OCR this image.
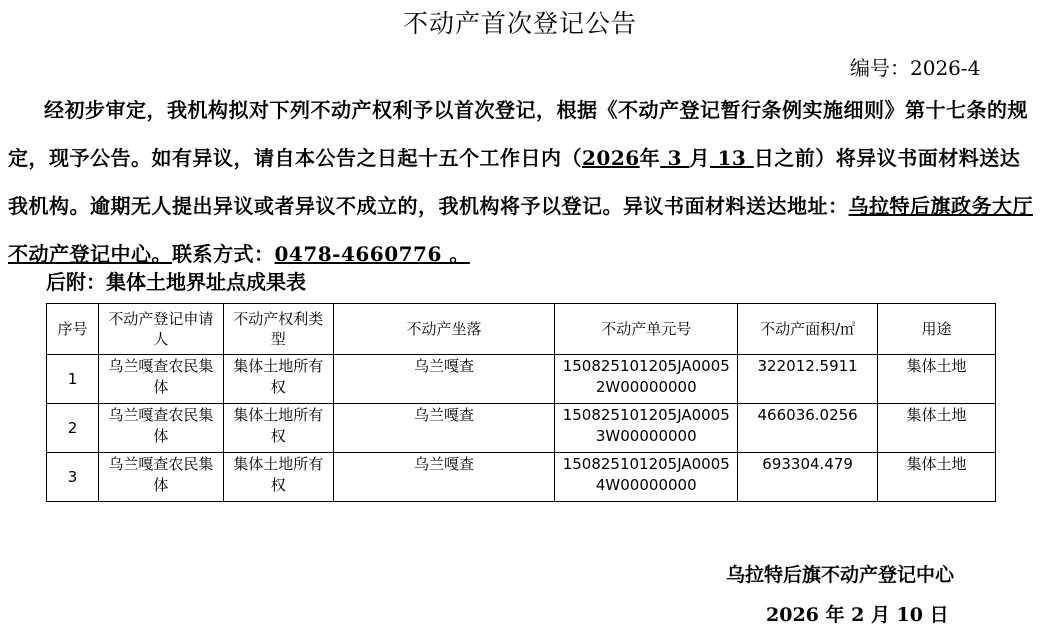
不动产首次登记公告
编号：2026-4
经初步审定，我机构拟对下列不动产权利予以首次登记，根据《不动产登记暂行条例实施细则》第十七条的规定，现予公告。如有异议，请自本公告之日起十五个工作日内（2026年 3 月 13 日之前）将异议书面材料送达我机构。逾期无人提出异议或者异议不成立的，我机构将予以登记。异议书面材料送达地址：乌拉特后旗政务大厅不动产登记中心。联系方式：0478-4660776 。
后附：集体土地界址点成果表
序号	不动产登记申请人	不动产权利类型	不动产坐落	不动产单元号	不动产面积/㎡	用途
1	乌兰嘎查农民集体	集体土地所有权	乌兰嘎查	150825101205JA00052W00000000	322012.5911	集体土地
2	乌兰嘎查农民集体	集体土地所有权	乌兰嘎查	150825101205JA00053W00000000	466036.0256	集体土地
3	乌兰嘎查农民集体	集体土地所有权	乌兰嘎查	150825101205JA00054W00000000	693304.479	集体土地
乌拉特后旗不动产登记中心
2026 年 2 月 10 日
